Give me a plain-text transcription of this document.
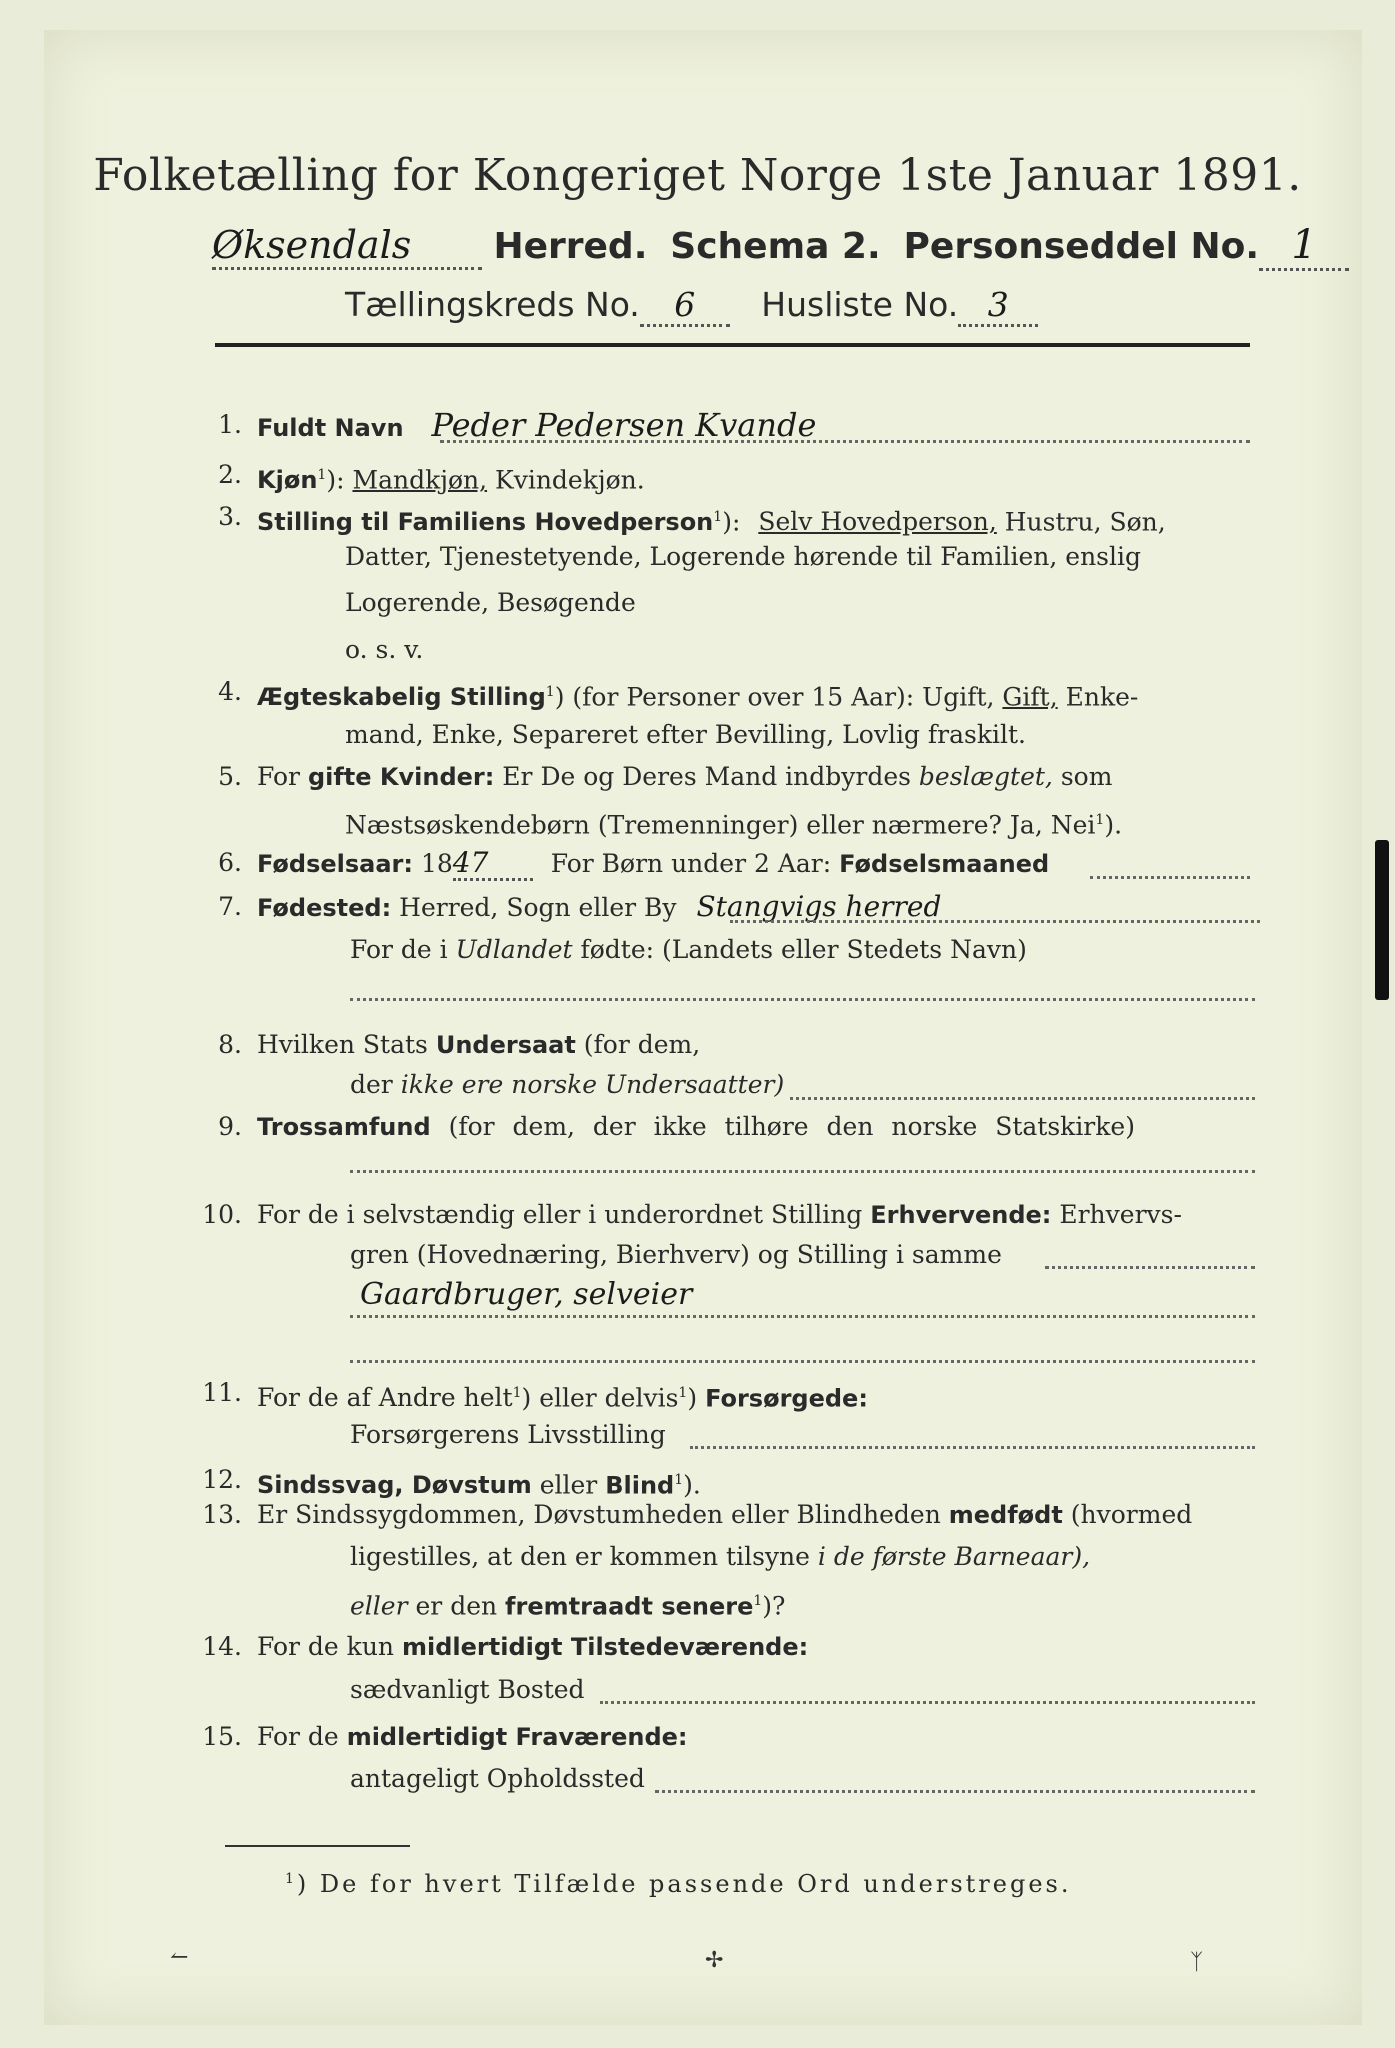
Folketælling for Kongeriget Norge 1ste Januar 1891.
Øksendals Herred. Schema 2. Personseddel No. 1
Tællingskreds No. 6 Husliste No. 3
1. Fuldt Navn Peder Pedersen Kvande
2. Kjøn$^1$): Mandkjøn, Kvindekjøn.
3. Stilling til Familiens Hovedperson$^1$): Selv Hovedperson, Hustru, Søn,
Datter, Tjenestetyende, Logerende hørende til Familien, enslig
Logerende, Besøgende
o. s. v.
4. Ægteskabelig Stilling$^1$) (for Personer over 15 Aar): Ugift, Gift, Enke-
mand, Enke, Separeret efter Bevilling, Lovlig fraskilt.
5. For gifte Kvinder: Er De og Deres Mand indbyrdes beslægtet, som
Næstsøskendebørn (Tremenninger) eller nærmere? Ja, Nei$^1$).
6. Fødselsaar: 1847 For Børn under 2 Aar: Fødselsmaaned
7. Fødested: Herred, Sogn eller By Stangvigs herred
For de i Udlandet fødte: (Landets eller Stedets Navn)
8. Hvilken Stats Undersaat (for dem,
der ikke ere norske Undersaatter)
9. Trossamfund (for dem, der ikke tilhøre den norske Statskirke)
10. For de i selvstændig eller i underordnet Stilling Erhvervende: Erhvervs-
gren (Hovednæring, Bierhverv) og Stilling i samme
Gaardbruger, selveier
11. For de af Andre helt$^1$) eller delvis$^1$) Forsørgede:
Forsørgerens Livsstilling
12. Sindssvag, Døvstum eller Blind$^1$).
13. Er Sindssygdommen, Døvstumheden eller Blindheden medfødt (hvormed
ligestilles, at den er kommen tilsyne i de første Barneaar),
eller er den fremtraadt senere$^1$)?
14. For de kun midlertidigt Tilstedeværende:
sædvanligt Bosted
15. For de midlertidigt Fraværende:
antageligt Opholdssted
$^1$) De for hvert Tilfælde passende Ord understreges.
↼	✢	ᛉ
